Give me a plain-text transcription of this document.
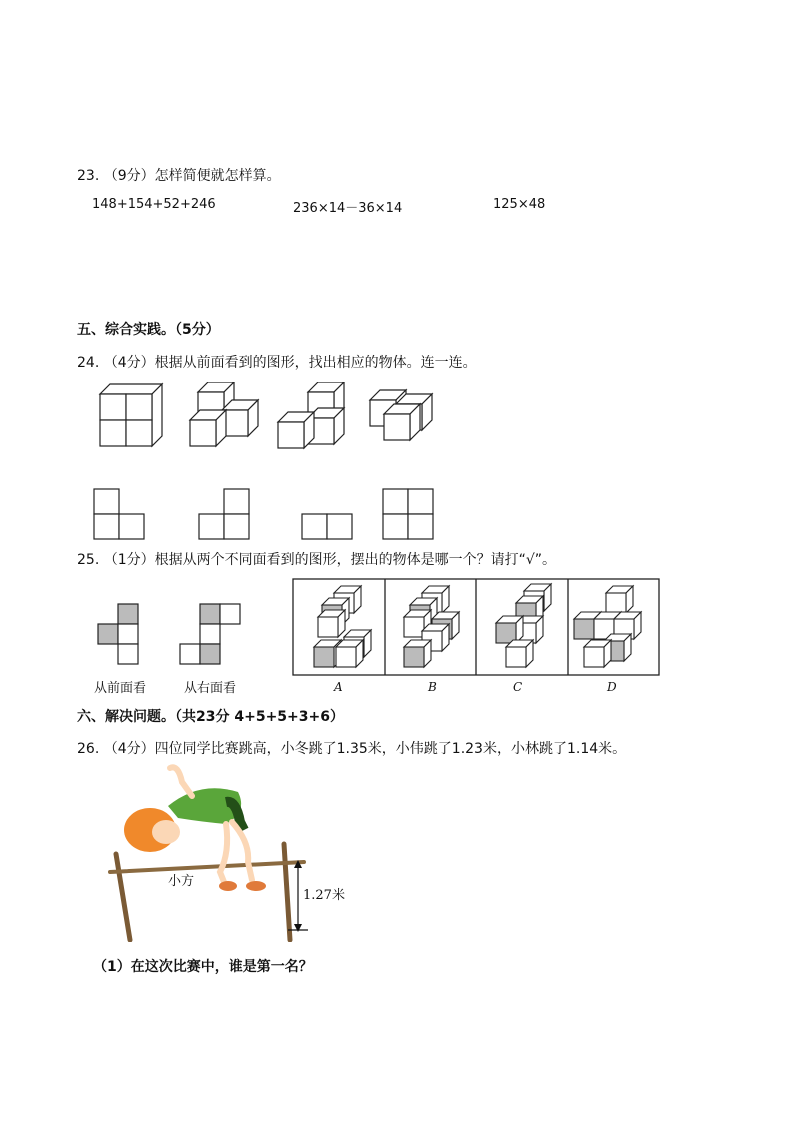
23. （9分）怎样简便就怎样算。
148+154+52+246	236×14－36×14	125×48
五、综合实践。（5分）
24. （4分）根据从前面看到的图形，找出相应的物体。连一连。
25. （1分）根据从两个不同面看到的图形，摆出的物体是哪一个？请打“√”。
从前面看	从右面看	A	B	C	D
六、解决问题。（共23分 4+5+5+3+6）
26. （4分）四位同学比赛跳高，小冬跳了1.35米，小伟跳了1.23米，小林跳了1.14米。
小方
1.27米
（1）在这次比赛中，谁是第一名？
